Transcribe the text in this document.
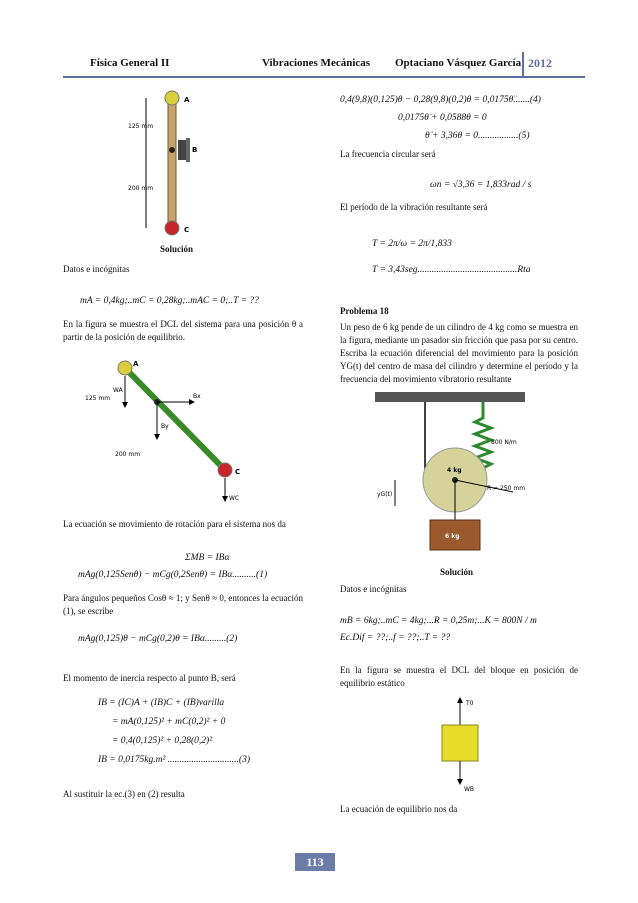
Física General II	Vibraciones Mecánicas Optaciano Vásquez García 2012
125 mm
200 mm
A
B
C
Solución
Datos e incógnitas
mA = 0,4kg;..mC = 0,28kg;..mAC = 0;..T = ??

En la figura se muestra el DCL del sistema para una posición θ a partir de la posición de equilibrio.

A
WA
Bx
By
125 mm
200 mm
C
WC

La ecuación se movimiento de rotación para el sistema nos da

ΣMB = IBα
mAg(0,125Senθ) − mCg(0,2Senθ) = IBα..........(1)

Para ángulos pequeños Cosθ ≈ 1; y Senθ ≈ 0, entonces la ecuación (1), se escribe

mAg(0,125)θ − mCg(0,2)θ = IBα.........(2)

El momento de inercia respecto al punto B, será

IB = (IC)A + (IB)C + (IB)varilla
= mA(0,125)² + mC(0,2)² + 0
= 0,4(0,125)² + 0,28(0,2)²
IB = 0,0175kg.m² ..............................(3)

Al sustituir la ec.(3) en (2) resulta

0,4(9,8)(0,125)θ − 0,28(9,8)(0,2)θ = 0,0175θ̈.......(4)
0,0175θ̈ + 0,0588θ = 0
θ̈ + 3,36θ = 0.................(5)
La frecuencia circular será
ωn = √3,36 = 1,833rad / s
El período de la vibración resultante será
T = 2π/ω = 2π/1,833
T = 3,43seg..........................................Rta
Problema 18

Un peso de 6 kg pende de un cilindro de 4 kg como se muestra en la figura, mediante un pasador sin fricción que pasa por su centro. Escriba la ecuación diferencial del movimiento para la posición YG(t) del centro de masa del cilindro y determine el período y la frecuencia del movimiento vibratorio resultante

800 N/m
4 kg
R = 250 mm
yG(t)
6 kg
Solución
Datos e incógnitas
mB = 6kg;..mC = 4kg;...R = 0,25m;...K = 800N / m
Ec.Dif = ??;..f = ??;..T = ??

En la figura se muestra el DCL del bloque en posición de equilibrio estático

T0
WB
La ecuación de equilibrio nos da
113
